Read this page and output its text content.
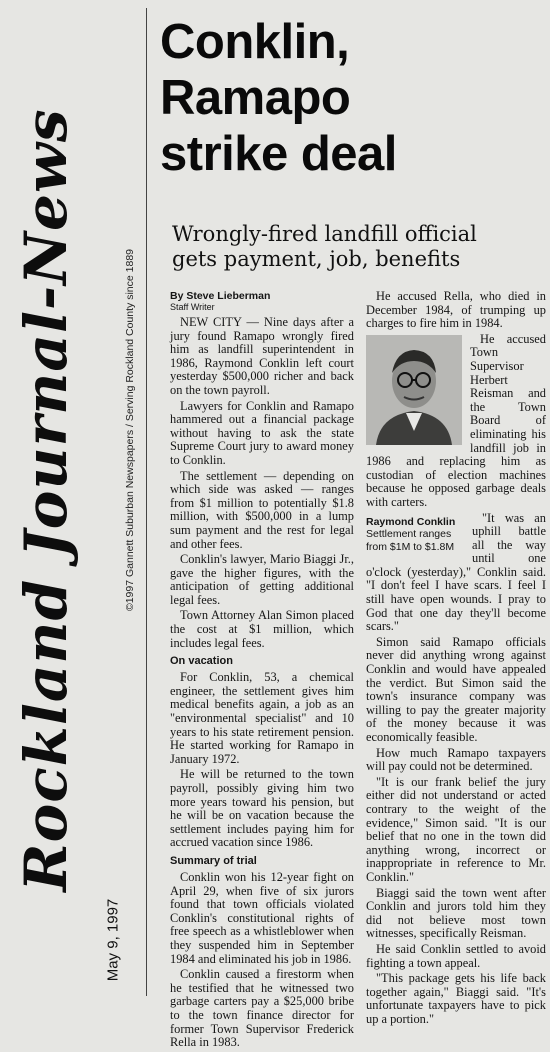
Rockland Journal-News
May 9, 1997
©1997 Gannett Suburban Newspapers / Serving Rockland County since 1889
Conklin,
Ramapo
strike deal
Wrongly-fired landfill official
gets payment, job, benefits
By Steve Lieberman
Staff Writer

NEW CITY — Nine days after a jury found Ramapo wrongly fired him as landfill superintendent in 1986, Raymond Conklin left court yesterday $500,000 richer and back on the town payroll.

Lawyers for Conklin and Ramapo hammered out a financial package without having to ask the state Supreme Court jury to award money to Conklin.

The settlement — depending on which side was asked — ranges from $1 million to potentially $1.8 million, with $500,000 in a lump sum payment and the rest for legal and other fees.

Conklin's lawyer, Mario Biaggi Jr., gave the higher figures, with the anticipation of getting additional legal fees.

Town Attorney Alan Simon placed the cost at $1 million, which includes legal fees.

On vacation

For Conklin, 53, a chemical engineer, the settlement gives him medical benefits again, a job as an "environmental specialist" and 10 years to his state retirement pension. He started working for Ramapo in January 1972.

He will be returned to the town payroll, possibly giving him two more years toward his pension, but he will be on vacation because the settlement includes paying him for accrued vacation since 1986.

Summary of trial

Conklin won his 12-year fight on April 29, when five of six jurors found that town officials violated Conklin's constitutional rights of free speech as a whistleblower when they suspended him in September 1984 and eliminated his job in 1986.

Conklin caused a firestorm when he testified that he witnessed two garbage carters pay a $25,000 bribe to the town finance director for former Town Supervisor Frederick Rella in 1983.

He accused Rella, who died in December 1984, of trumping up charges to fire him in 1984.

He accused Town Supervisor Herbert Reisman and the Town Board of eliminating his landfill job in 1986 and replacing him as custodian of election machines because he opposed garbage deals with carters.

Raymond Conklin
Settlement ranges from $1M to $1.8M

"It was an uphill battle all the way until one o'clock (yesterday)," Conklin said. "I don't feel I have scars. I feel I still have open wounds. I pray to God that one day they'll become scars."

Simon said Ramapo officials never did anything wrong against Conklin and would have appealed the verdict. But Simon said the town's insurance company was willing to pay the greater majority of the money because it was economically feasible.

How much Ramapo taxpayers will pay could not be determined.

"It is our frank belief the jury either did not understand or acted contrary to the weight of the evidence," Simon said. "It is our belief that no one in the town did anything wrong, incorrect or inappropriate in reference to Mr. Conklin."

Biaggi said the town went after Conklin and jurors told him they did not believe most town witnesses, specifically Reisman.

He said Conklin settled to avoid fighting a town appeal.

"This package gets his life back together again," Biaggi said. "It's unfortunate taxpayers have to pick up a portion."
